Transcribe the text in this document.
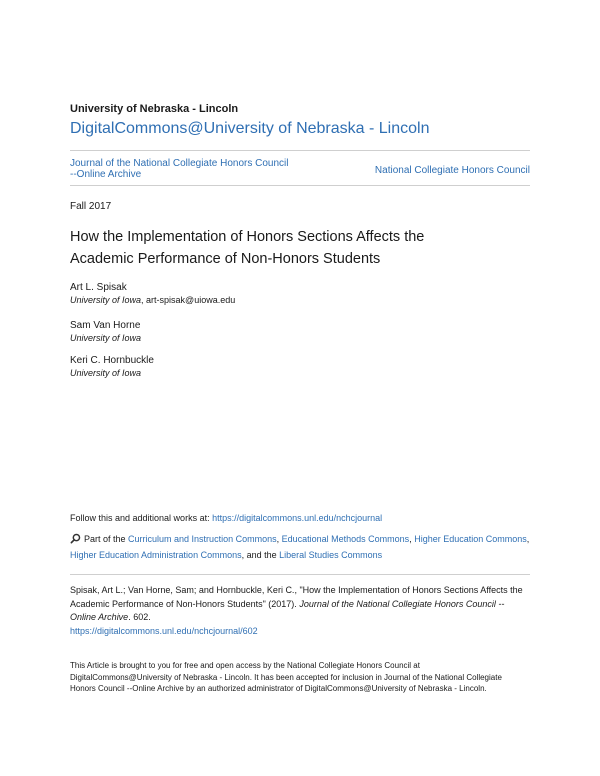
University of Nebraska - Lincoln
DigitalCommons@University of Nebraska - Lincoln
Journal of the National Collegiate Honors Council --Online Archive	National Collegiate Honors Council
Fall 2017
How the Implementation of Honors Sections Affects the Academic Performance of Non-Honors Students
Art L. Spisak
University of Iowa, art-spisak@uiowa.edu
Sam Van Horne
University of Iowa
Keri C. Hornbuckle
University of Iowa
Follow this and additional works at: https://digitalcommons.unl.edu/nchcjournal
Part of the Curriculum and Instruction Commons, Educational Methods Commons, Higher Education Commons, Higher Education Administration Commons, and the Liberal Studies Commons
Spisak, Art L.; Van Horne, Sam; and Hornbuckle, Keri C., "How the Implementation of Honors Sections Affects the Academic Performance of Non-Honors Students" (2017). Journal of the National Collegiate Honors Council --Online Archive. 602.
https://digitalcommons.unl.edu/nchcjournal/602
This Article is brought to you for free and open access by the National Collegiate Honors Council at DigitalCommons@University of Nebraska - Lincoln. It has been accepted for inclusion in Journal of the National Collegiate Honors Council --Online Archive by an authorized administrator of DigitalCommons@University of Nebraska - Lincoln.
